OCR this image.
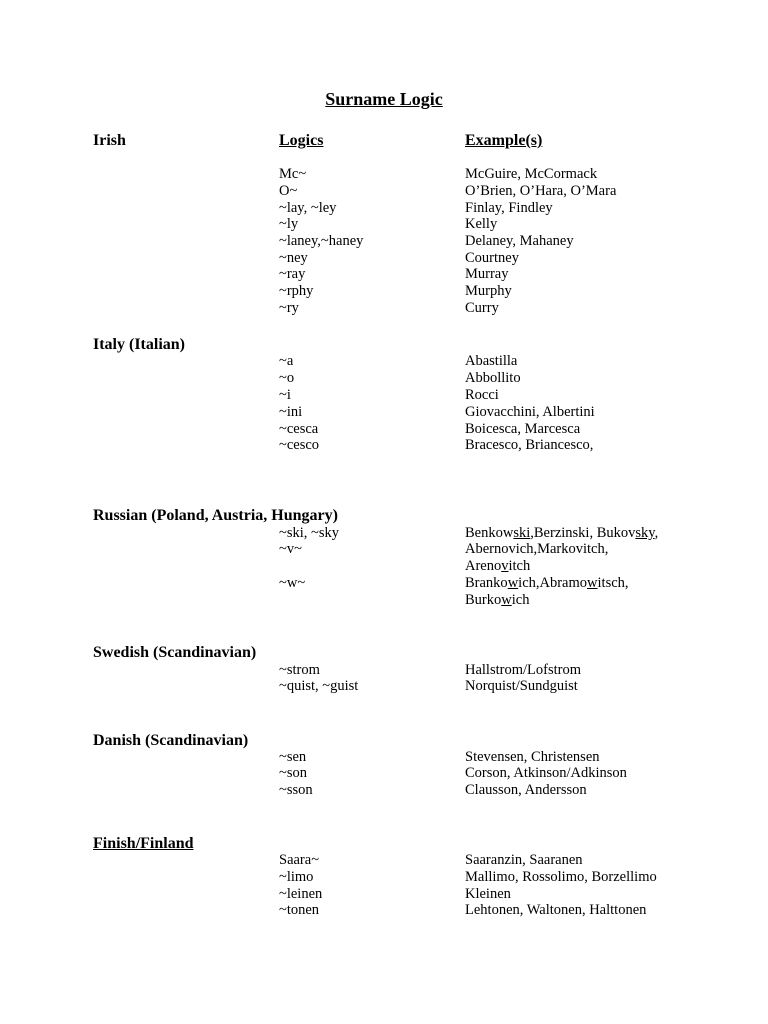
Surname Logic
Irish	Logics	Example(s)
Mc~	McGuire, McCormack
O~	O’Brien, O’Hara, O’Mara
~lay, ~ley	Finlay, Findley
~ly	Kelly
~laney,~haney	Delaney, Mahaney
~ney	Courtney
~ray	Murray
~rphy	Murphy
~ry	Curry
Italy (Italian)
~a	Abastilla
~o	Abbollito
~i	Rocci
~ini	Giovacchini, Albertini
~cesca	Boicesca, Marcesca
~cesco	Bracesco, Briancesco,
Russian (Poland, Austria, Hungary)
~ski, ~sky	Benkowski,Berzinski, Bukovsky,
~v~	Abernovich,Markovitch,
Arenovitch
~w~	Brankowich,Abramowitsch,
Burkowich
Swedish (Scandinavian)
~strom	Hallstrom/Lofstrom
~quist, ~guist	Norquist/Sundguist
Danish (Scandinavian)
~sen	Stevensen, Christensen
~son	Corson, Atkinson/Adkinson
~sson	Clausson, Andersson
Finish/Finland
Saara~	Saaranzin, Saaranen
~limo	Mallimo, Rossolimo, Borzellimo
~leinen	Kleinen
~tonen	Lehtonen, Waltonen, Halttonen
